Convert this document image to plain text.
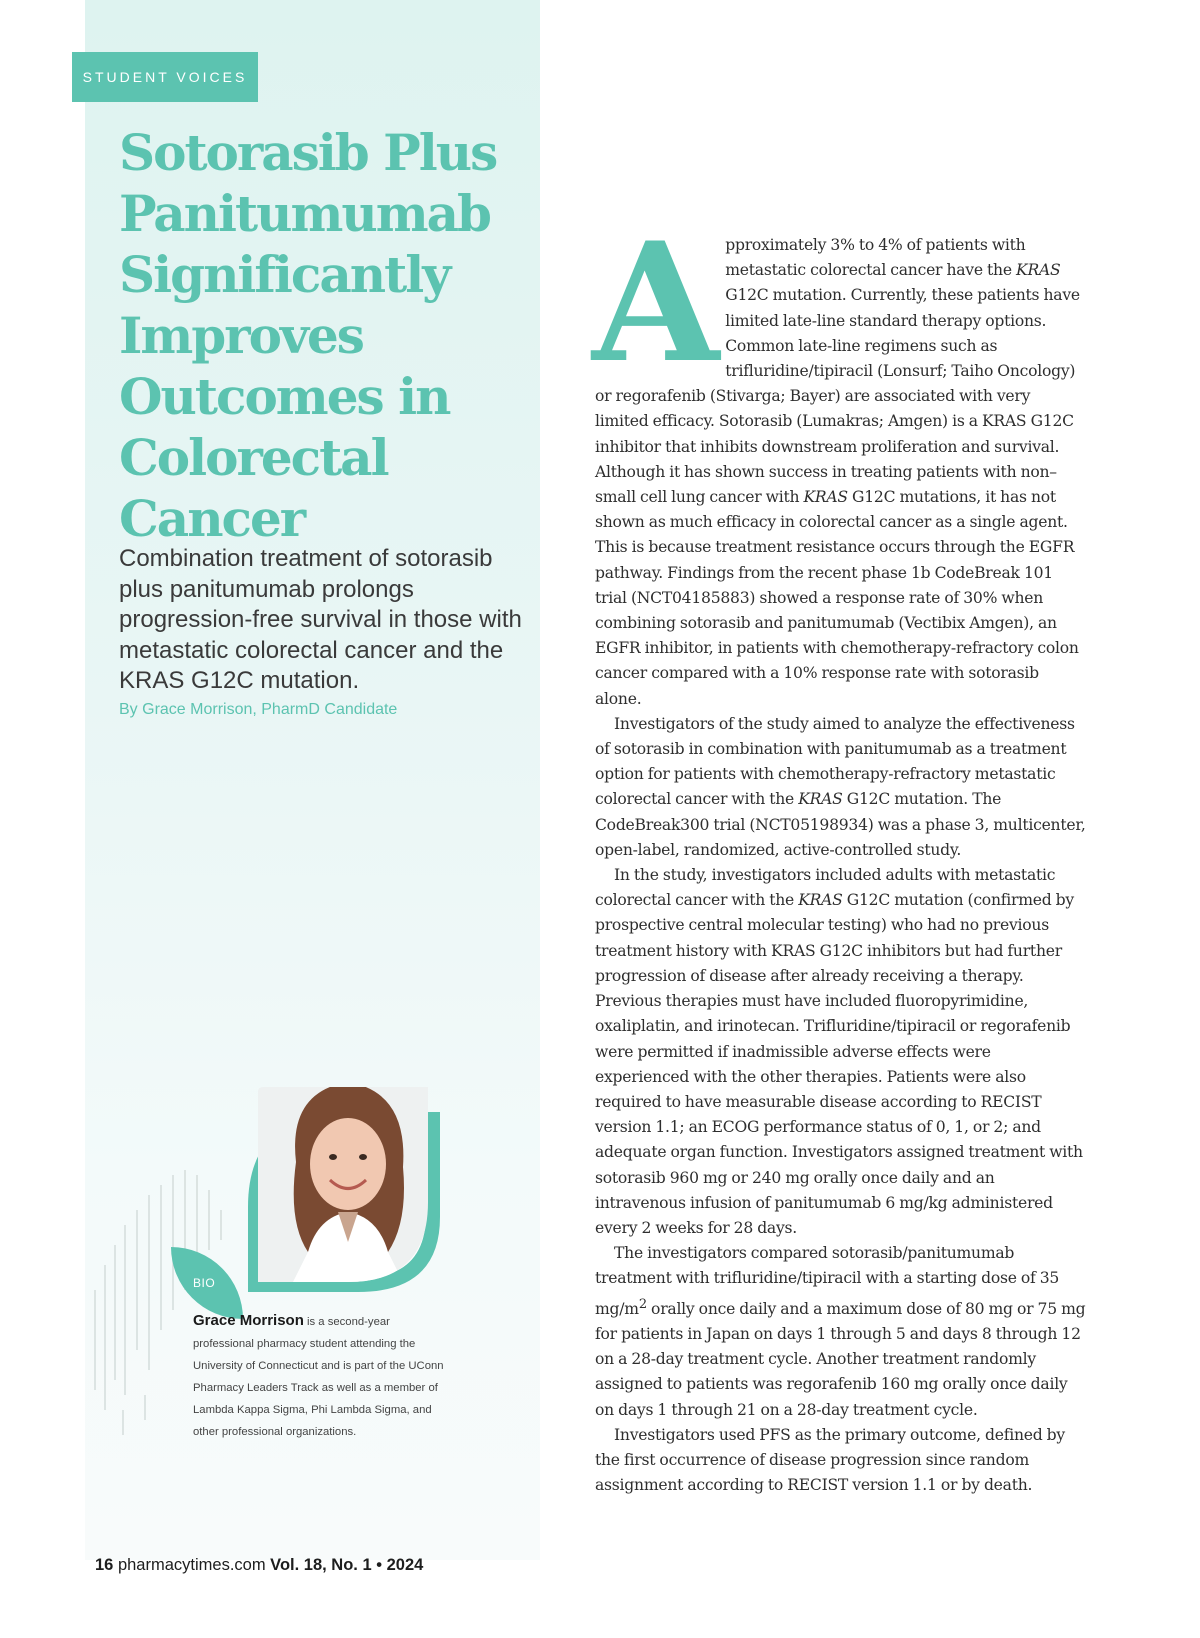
STUDENT VOICES
Sotorasib Plus Panitumumab Significantly Improves Outcomes in Colorectal Cancer

Combination treatment of sotorasib plus panitumumab prolongs progression-free survival in those with metastatic colorectal cancer and the KRAS G12C mutation.

By Grace Morrison, PharmD Candidate

BIO

Grace Morrison is a second-year professional pharmacy student attending the University of Connecticut and is part of the UConn Pharmacy Leaders Track as well as a member of Lambda Kappa Sigma, Phi Lambda Sigma, and other professional organizations.

Approximately 3% to 4% of patients with metastatic colorectal cancer have the KRAS G12C mutation. Currently, these patients have limited late-line standard therapy options. Common late-line regimens such as trifluridine/tipiracil (Lonsurf; Taiho Oncology) or regorafenib (Stivarga; Bayer) are associated with very limited efficacy. Sotorasib (Lumakras; Amgen) is a KRAS G12C inhibitor that inhibits downstream proliferation and survival. Although it has shown success in treating patients with non–small cell lung cancer with KRAS G12C mutations, it has not shown as much efficacy in colorectal cancer as a single agent. This is because treatment resistance occurs through the EGFR pathway. Findings from the recent phase 1b CodeBreak 101 trial (NCT04185883) showed a response rate of 30% when combining sotorasib and panitumumab (Vectibix Amgen), an EGFR inhibitor, in patients with chemotherapy-refractory colon cancer compared with a 10% response rate with sotorasib alone.

Investigators of the study aimed to analyze the effectiveness of sotorasib in combination with panitumumab as a treatment option for patients with chemotherapy-refractory metastatic colorectal cancer with the KRAS G12C mutation. The CodeBreak300 trial (NCT05198934) was a phase 3, multicenter, open-label, randomized, active-controlled study.

In the study, investigators included adults with metastatic colorectal cancer with the KRAS G12C mutation (confirmed by prospective central molecular testing) who had no previous treatment history with KRAS G12C inhibitors but had further progression of disease after already receiving a therapy. Previous therapies must have included fluoropyrimidine, oxaliplatin, and irinotecan. Trifluridine/tipiracil or regorafenib were permitted if inadmissible adverse effects were experienced with the other therapies. Patients were also required to have measurable disease according to RECIST version 1.1; an ECOG performance status of 0, 1, or 2; and adequate organ function. Investigators assigned treatment with sotorasib 960 mg or 240 mg orally once daily and an intravenous infusion of panitumumab 6 mg/kg administered every 2 weeks for 28 days.

The investigators compared sotorasib/panitumumab treatment with trifluridine/tipiracil with a starting dose of 35 $mg/m^2$ orally once daily and a maximum dose of 80 mg or 75 mg for patients in Japan on days 1 through 5 and days 8 through 12 on a 28-day treatment cycle. Another treatment randomly assigned to patients was regorafenib 160 mg orally once daily on days 1 through 21 on a 28-day treatment cycle.

Investigators used PFS as the primary outcome, defined by the first occurrence of disease progression since random assignment according to RECIST version 1.1 or by death.

16 pharmacytimes.com Vol. 18, No. 1 • 2024
